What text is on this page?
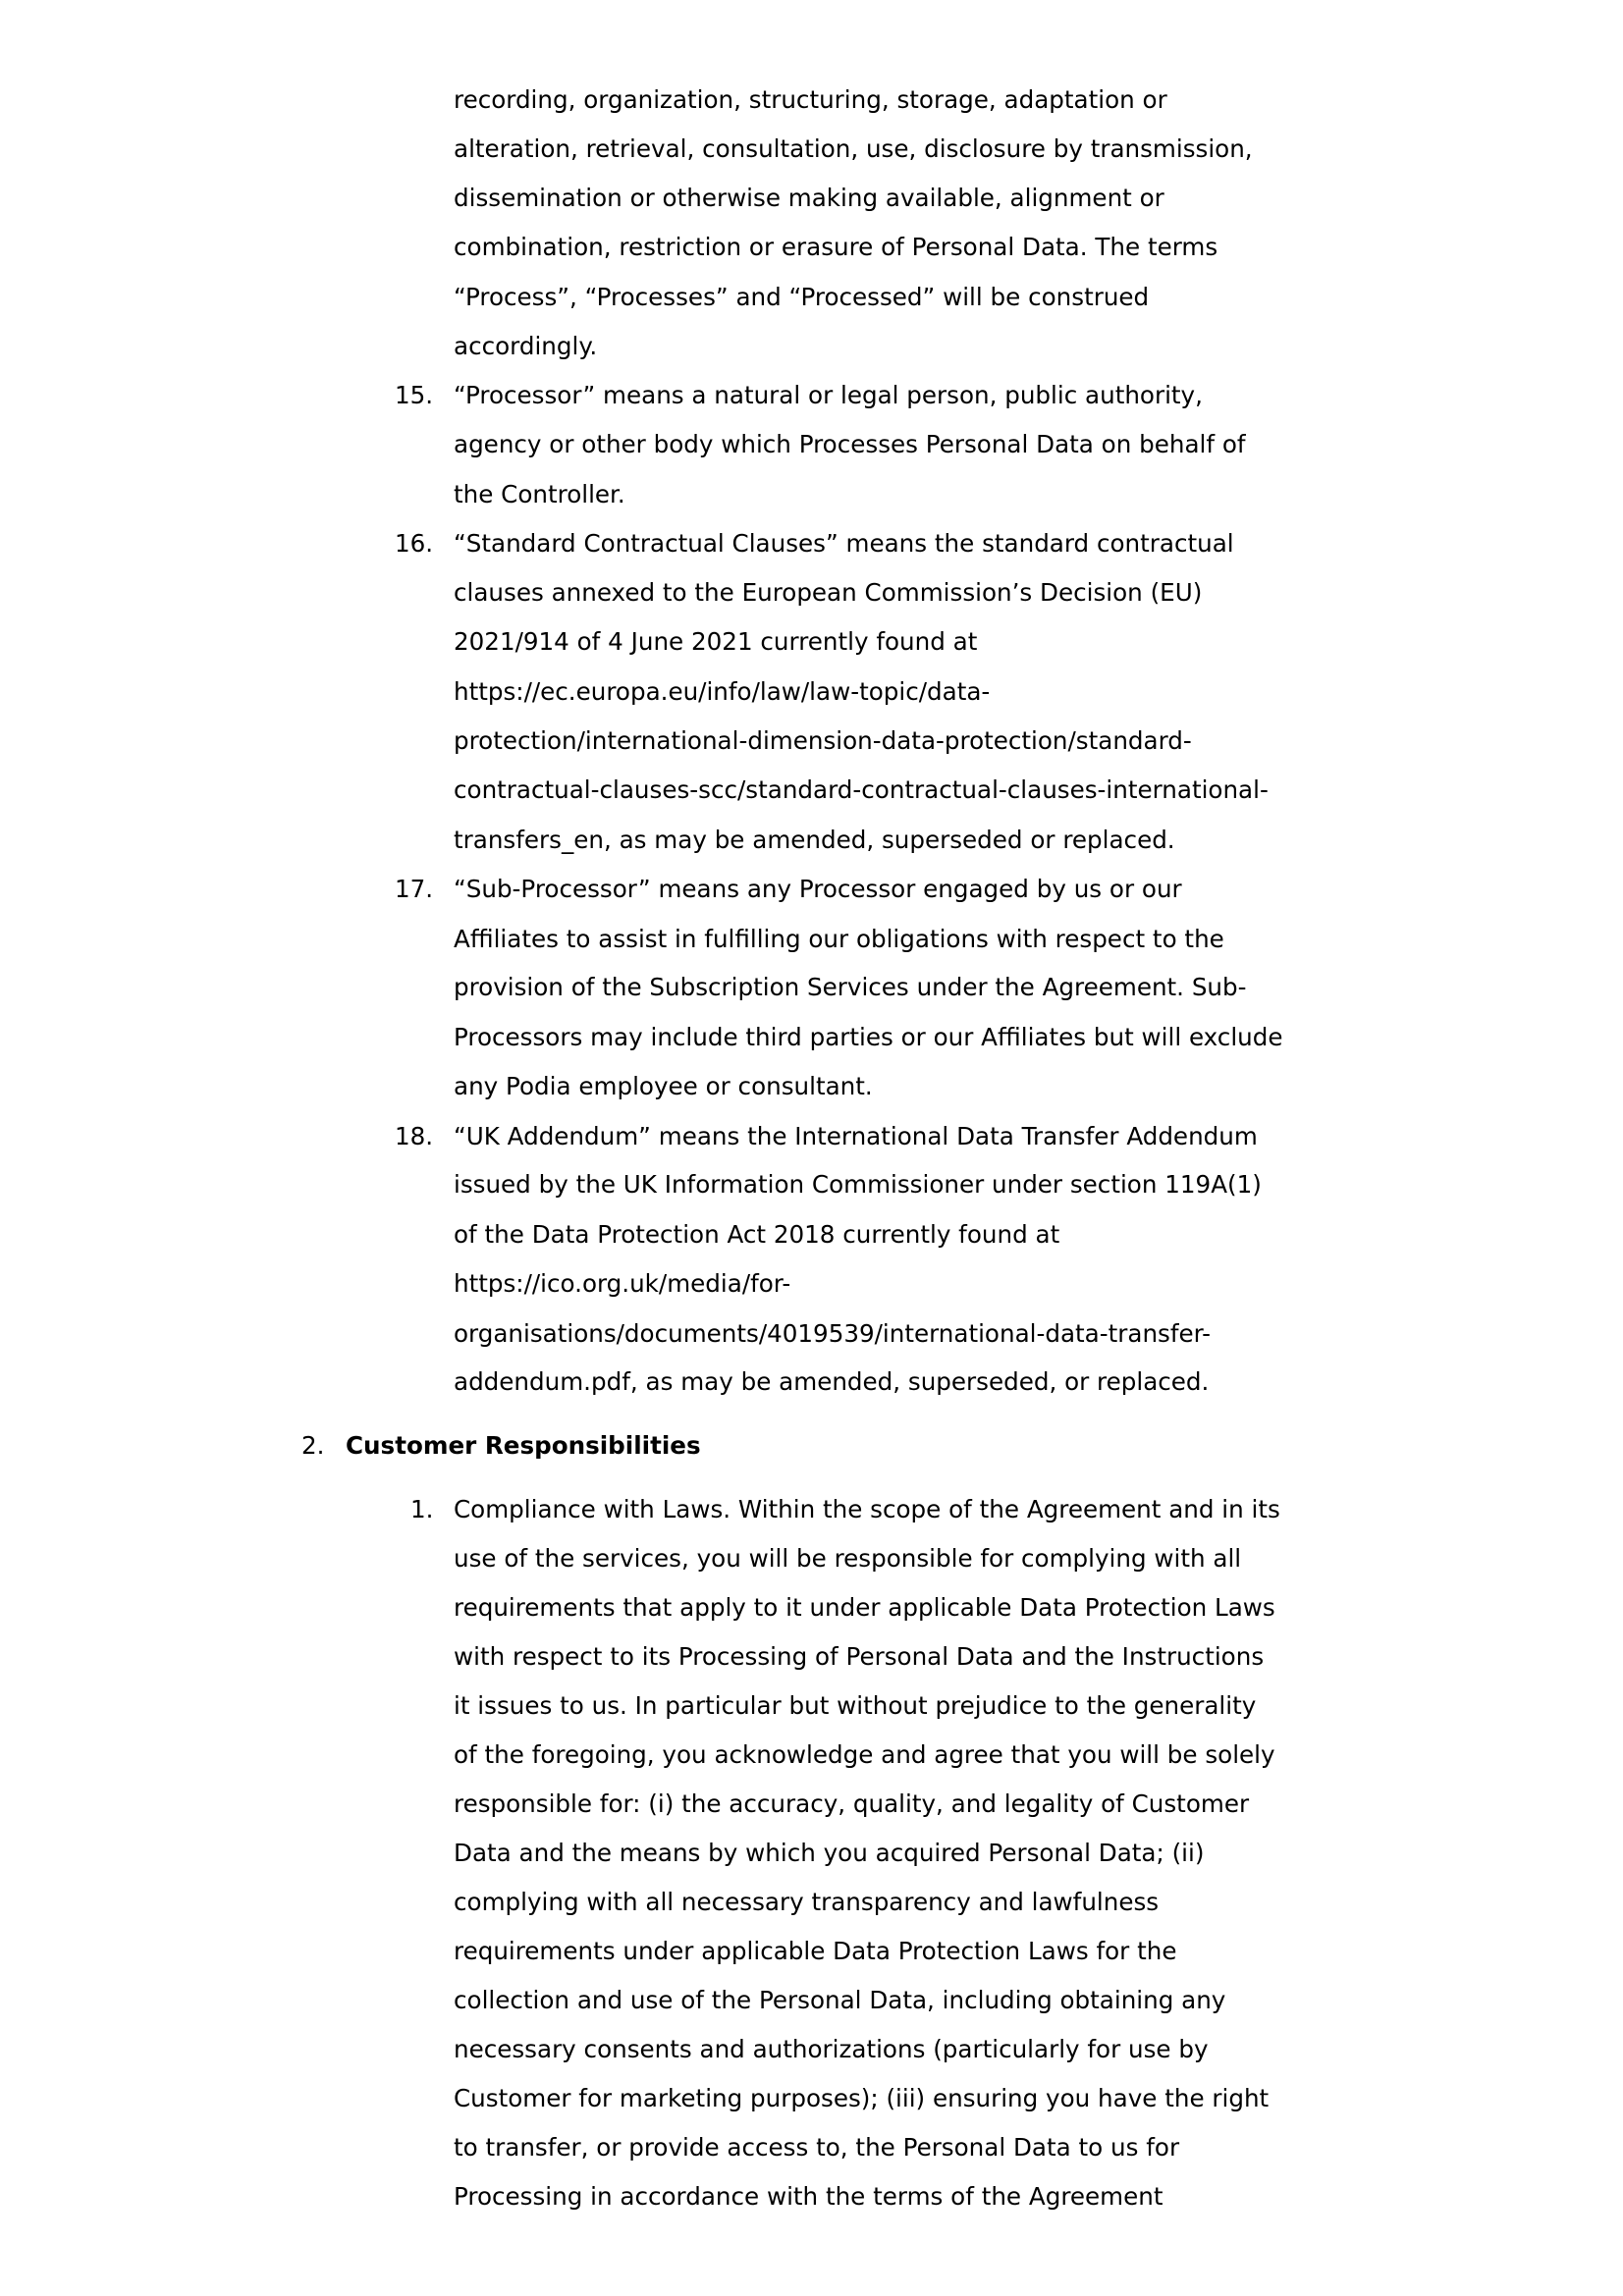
recording, organization, structuring, storage, adaptation or
alteration, retrieval, consultation, use, disclosure by transmission,
dissemination or otherwise making available, alignment or
combination, restriction or erasure of Personal Data. The terms
“Process”, “Processes” and “Processed” will be construed
accordingly.
15. “Processor” means a natural or legal person, public authority,
agency or other body which Processes Personal Data on behalf of
the Controller.
16. “Standard Contractual Clauses” means the standard contractual
clauses annexed to the European Commission’s Decision (EU)
2021/914 of 4 June 2021 currently found at
https://ec.europa.eu/info/law/law-topic/data-
protection/international-dimension-data-protection/standard-
contractual-clauses-scc/standard-contractual-clauses-international-
transfers_en, as may be amended, superseded or replaced.
17. “Sub-Processor” means any Processor engaged by us or our
Affiliates to assist in fulfilling our obligations with respect to the
provision of the Subscription Services under the Agreement. Sub-
Processors may include third parties or our Affiliates but will exclude
any Podia employee or consultant.
18. “UK Addendum” means the International Data Transfer Addendum
issued by the UK Information Commissioner under section 119A(1)
of the Data Protection Act 2018 currently found at
https://ico.org.uk/media/for-
organisations/documents/4019539/international-data-transfer-
addendum.pdf, as may be amended, superseded, or replaced.
2. Customer Responsibilities
1. Compliance with Laws. Within the scope of the Agreement and in its
use of the services, you will be responsible for complying with all
requirements that apply to it under applicable Data Protection Laws
with respect to its Processing of Personal Data and the Instructions
it issues to us. In particular but without prejudice to the generality
of the foregoing, you acknowledge and agree that you will be solely
responsible for: (i) the accuracy, quality, and legality of Customer
Data and the means by which you acquired Personal Data; (ii)
complying with all necessary transparency and lawfulness
requirements under applicable Data Protection Laws for the
collection and use of the Personal Data, including obtaining any
necessary consents and authorizations (particularly for use by
Customer for marketing purposes); (iii) ensuring you have the right
to transfer, or provide access to, the Personal Data to us for
Processing in accordance with the terms of the Agreement
